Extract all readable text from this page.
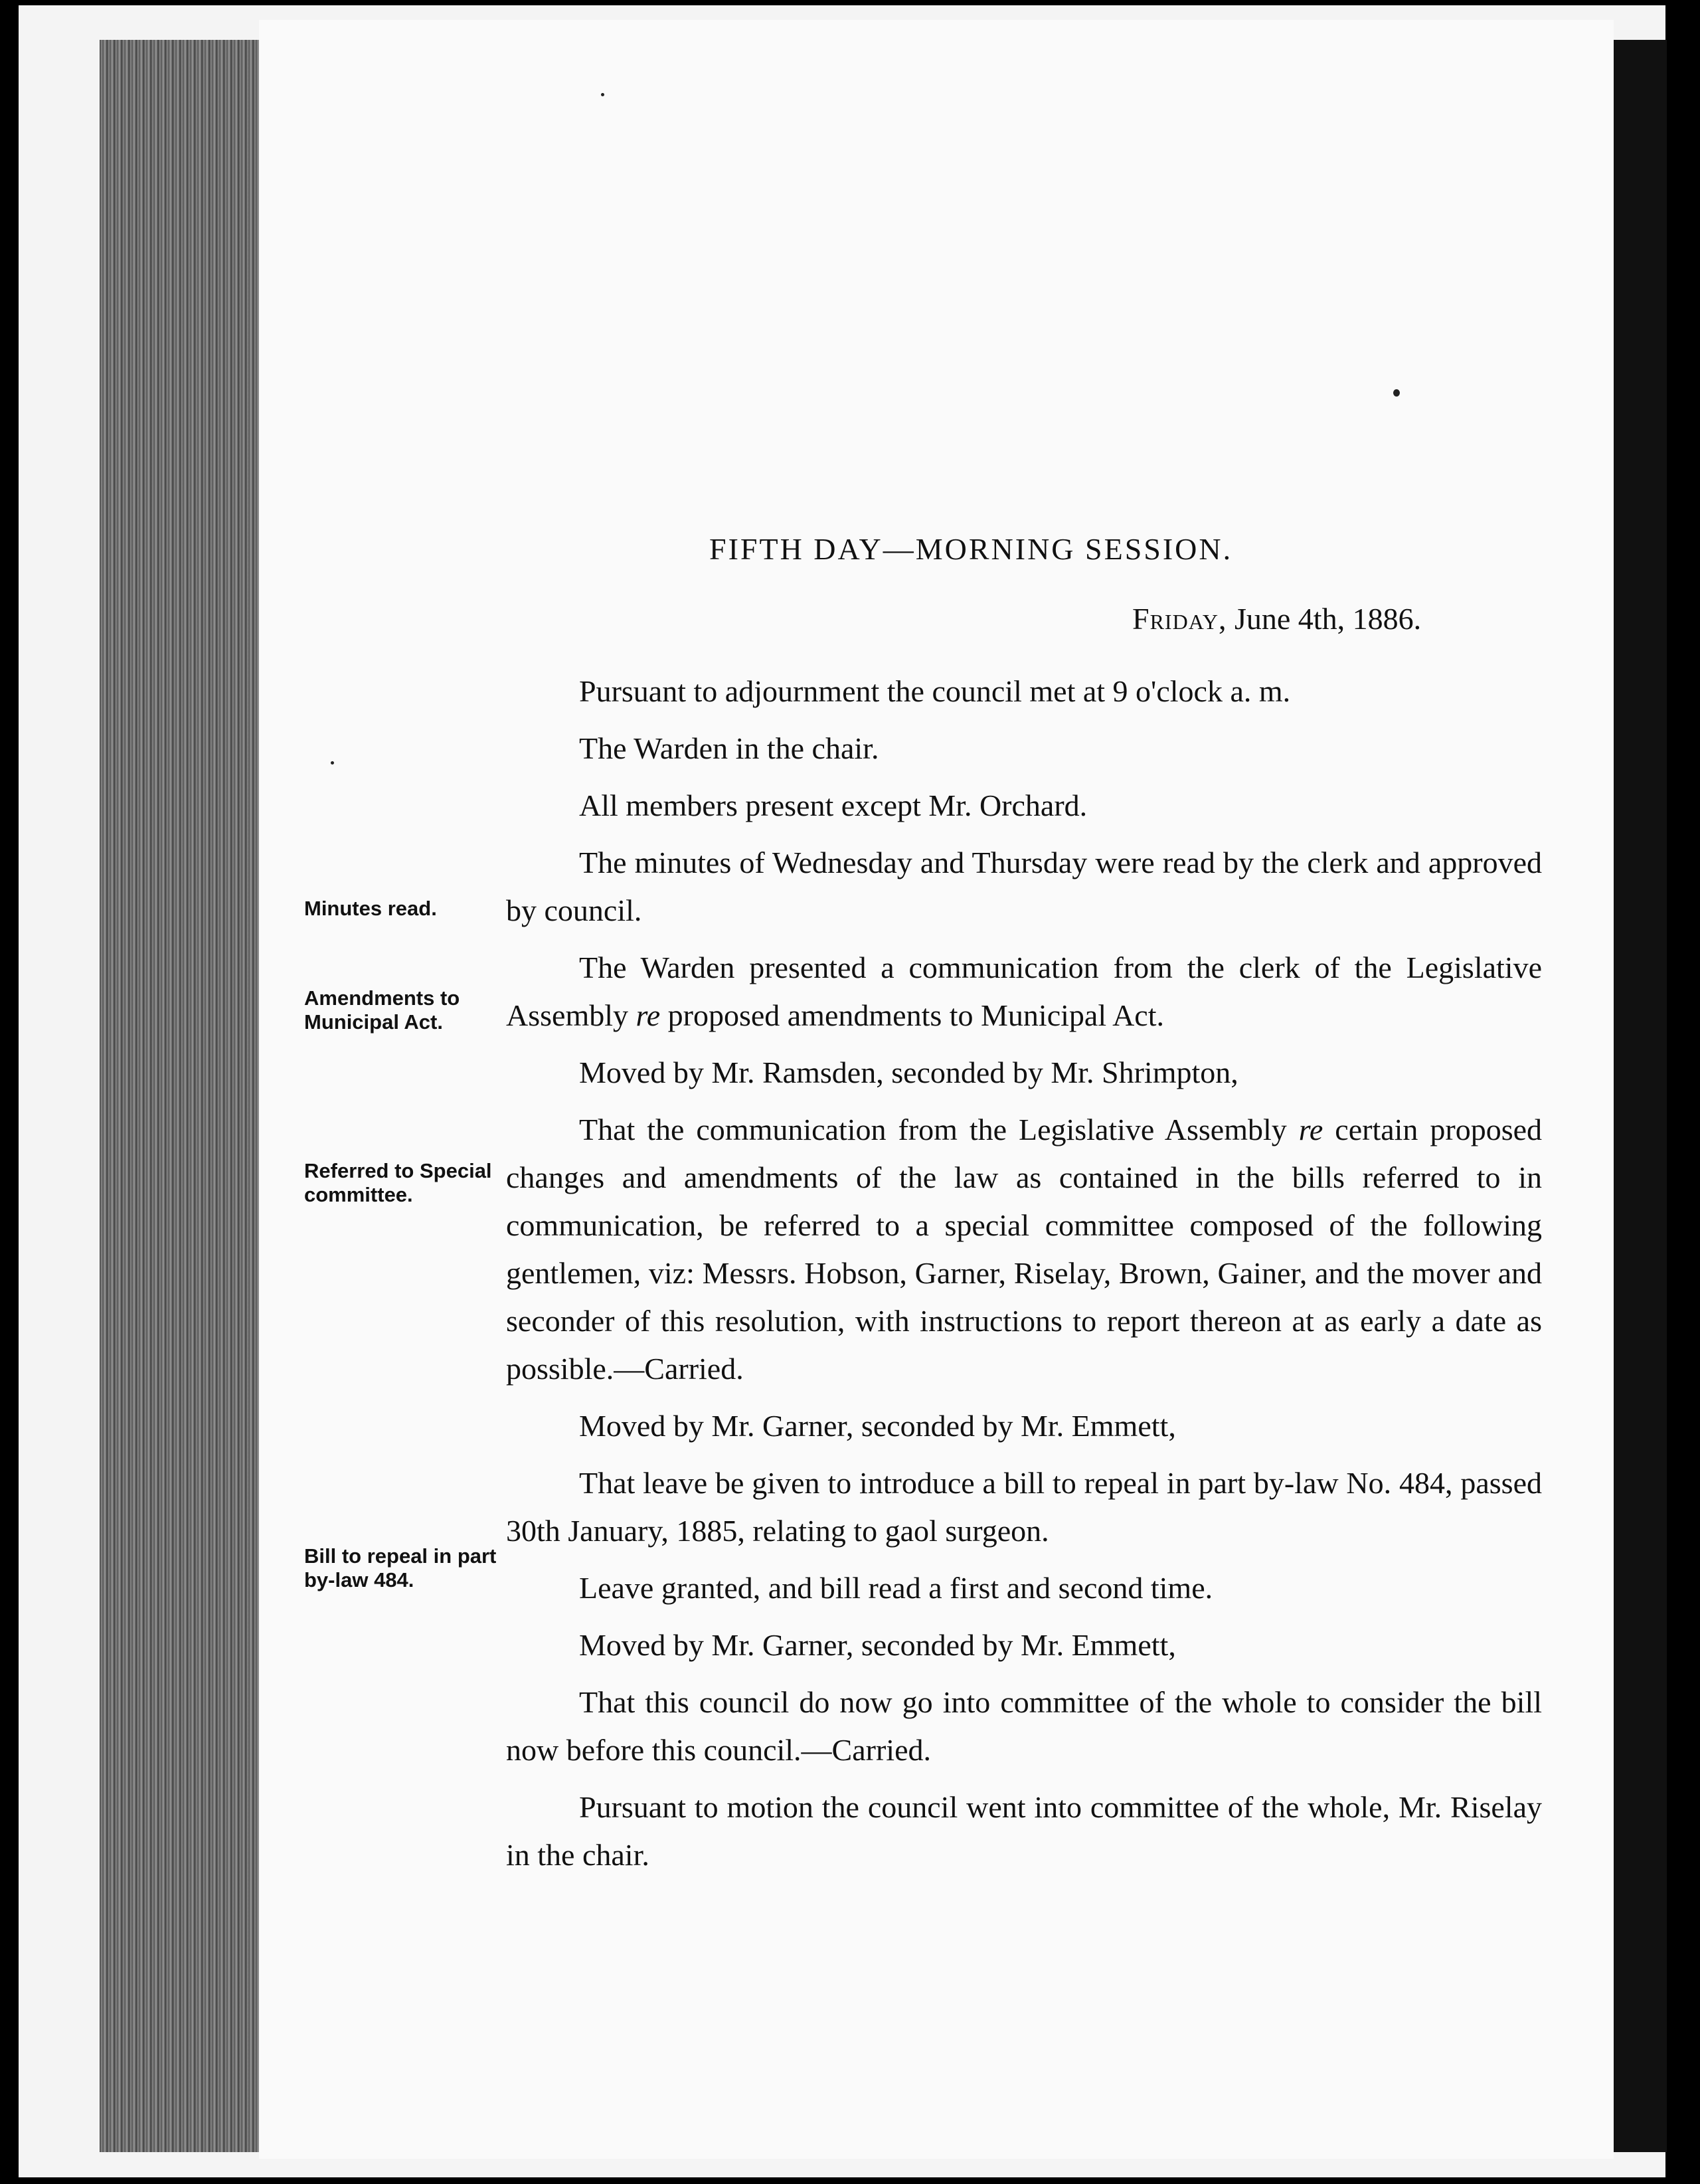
FIFTH DAY—MORNING SESSION.
Friday, June 4th, 1886.
Minutes read.
Amendments to Municipal Act.
Referred to Special committee.
Bill to repeal in part by-law 484.

Pursuant to adjournment the council met at 9 o'clock a. m.

The Warden in the chair.

All members present except Mr. Orchard.

The minutes of Wednesday and Thursday were read by the clerk and approved by council.

The Warden presented a communication from the clerk of the Legislative Assembly re proposed amendments to Municipal Act.

Moved by Mr. Ramsden, seconded by Mr. Shrimpton,

That the communication from the Legislative Assembly re certain proposed changes and amendments of the law as contained in the bills referred to in communication, be referred to a special committee composed of the following gentlemen, viz: Messrs. Hobson, Garner, Riselay, Brown, Gainer, and the mover and seconder of this resolution, with instructions to report thereon at as early a date as possible.—Carried.

Moved by Mr. Garner, seconded by Mr. Emmett,

That leave be given to introduce a bill to repeal in part by-law No. 484, passed 30th January, 1885, relating to gaol surgeon.

Leave granted, and bill read a first and second time.

Moved by Mr. Garner, seconded by Mr. Emmett,

That this council do now go into committee of the whole to consider the bill now before this council.—Carried.

Pursuant to motion the council went into committee of the whole, Mr. Riselay in the chair.
